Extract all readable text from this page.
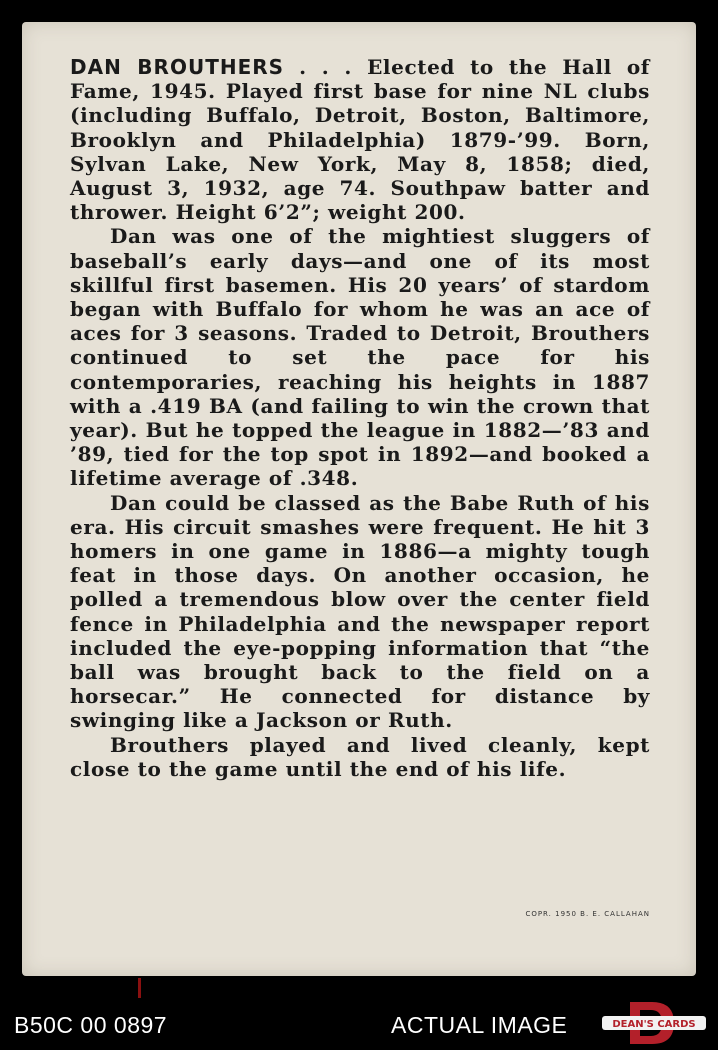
DAN BROUTHERS . . . Elected to the Hall of Fame, 1945. Played first base for nine NL clubs (including Buffalo, Detroit, Boston, Baltimore, Brooklyn and Philadelphia) 1879-’99. Born, Sylvan Lake, New York, May 8, 1858; died, August 3, 1932, age 74. Southpaw batter and thrower. Height 6’2”; weight 200.

Dan was one of the mightiest sluggers of baseball’s early days—and one of its most skillful first basemen. His 20 years’ of stardom began with Buffalo for whom he was an ace of aces for 3 seasons. Traded to Detroit, Brouthers continued to set the pace for his contemporaries, reaching his heights in 1887 with a .419 BA (and failing to win the crown that year). But he topped the league in 1882—’83 and ’89, tied for the top spot in 1892—and booked a lifetime average of .348.

Dan could be classed as the Babe Ruth of his era. His circuit smashes were frequent. He hit 3 homers in one game in 1886—a mighty tough feat in those days. On another occasion, he polled a tremendous blow over the center field fence in Philadelphia and the newspaper report included the eye-popping information that “the ball was brought back to the field on a horsecar.” He connected for distance by swinging like a Jackson or Ruth.

Brouthers played and lived cleanly, kept close to the game until the end of his life.

COPR. 1950 B. E. CALLAHAN
B50C 00 0897	ACTUAL IMAGE	DEAN'S CARDS
